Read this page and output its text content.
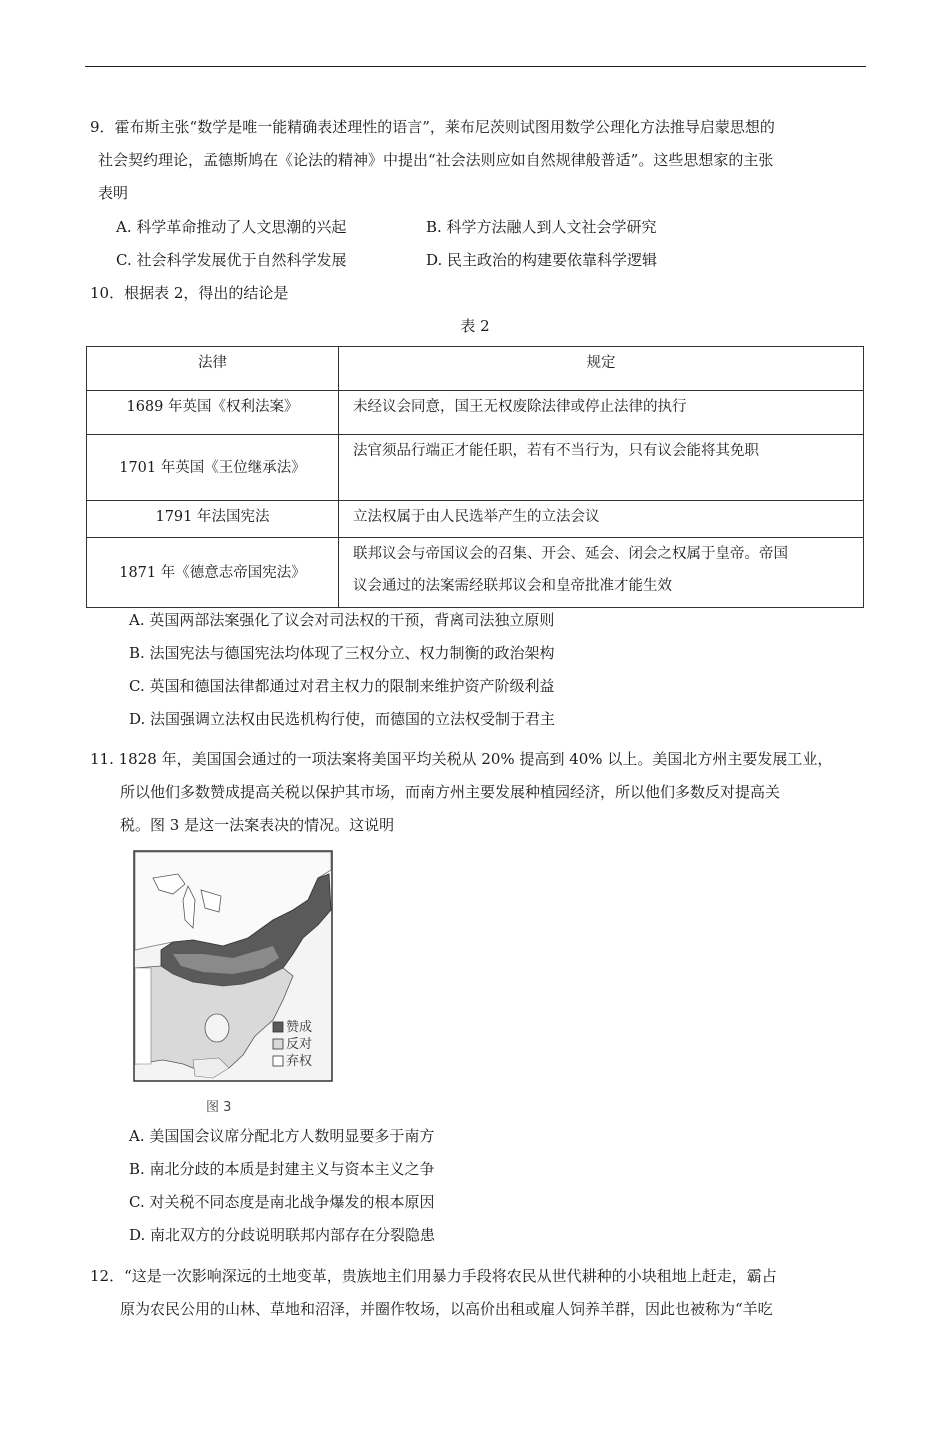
9．霍布斯主张“数学是唯一能精确表述理性的语言”，莱布尼茨则试图用数学公理化方法推导启蒙思想的
社会契约理论，孟德斯鸠在《论法的精神》中提出“社会法则应如自然规律般普适”。这些思想家的主张
表明
A. 科学革命推动了人文思潮的兴起	B. 科学方法融人到人文社会学研究
C. 社会科学发展优于自然科学发展	D. 民主政治的构建要依靠科学逻辑
10．根据表 2，得出的结论是
表 2
法律	规定

1689 年英国《权利法案》	未经议会同意，国王无权废除法律或停止法律的执行

1701 年英国《王位继承法》	法官须品行端正才能任职，若有不当行为，只有议会能将其免职

1791 年法国宪法	立法权属于由人民选举产生的立法会议

1871 年《德意志帝国宪法》	联邦议会与帝国议会的召集、开会、延会、闭会之权属于皇帝。帝国
议会通过的法案需经联邦议会和皇帝批准才能生效
A. 英国两部法案强化了议会对司法权的干预，背离司法独立原则
B. 法国宪法与德国宪法均体现了三权分立、权力制衡的政治架构
C. 英国和德国法律都通过对君主权力的限制来维护资产阶级利益
D. 法国强调立法权由民选机构行使，而德国的立法权受制于君主
11. 1828 年，美国国会通过的一项法案将美国平均关税从 20% 提高到 40% 以上。美国北方州主要发展工业，
所以他们多数赞成提高关税以保护其市场，而南方州主要发展种植园经济，所以他们多数反对提高关
税。图 3 是这一法案表决的情况。这说明
赞成
反对
弃权
图 3
A. 美国国会议席分配北方人数明显要多于南方
B. 南北分歧的本质是封建主义与资本主义之争
C. 对关税不同态度是南北战争爆发的根本原因
D. 南北双方的分歧说明联邦内部存在分裂隐患
12．“这是一次影响深远的土地变革，贵族地主们用暴力手段将农民从世代耕种的小块租地上赶走，霸占
原为农民公用的山林、草地和沼泽，并圈作牧场，以高价出租或雇人饲养羊群，因此也被称为“羊吃
